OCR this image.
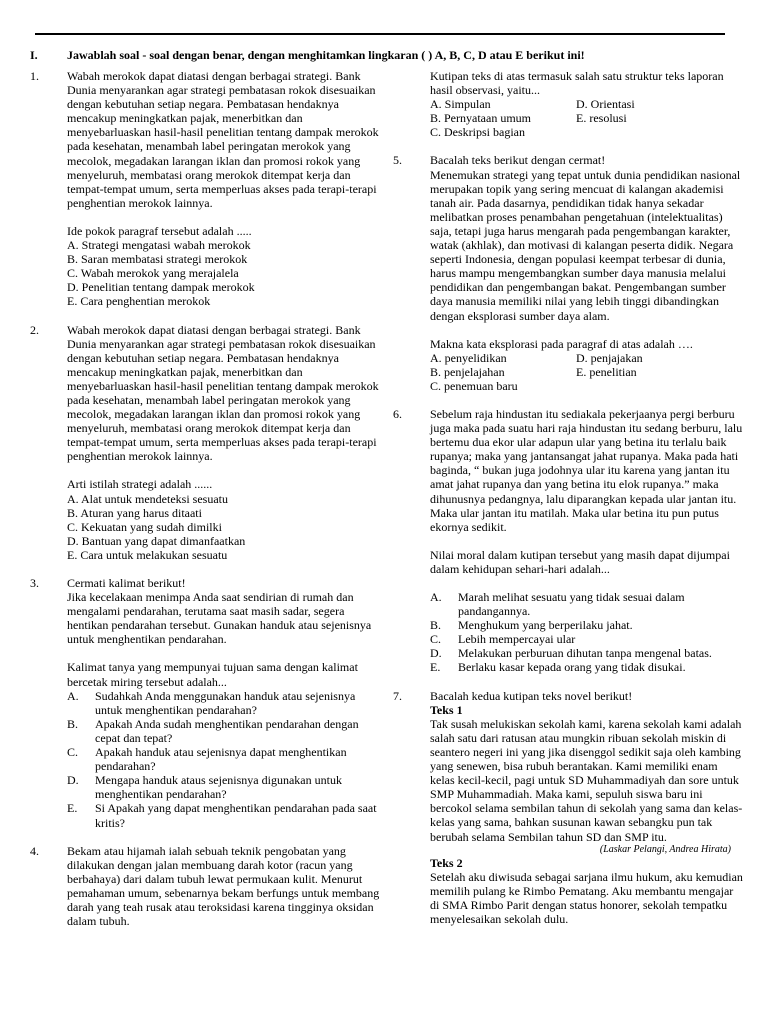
I. Jawablah soal - soal dengan benar, dengan menghitamkan lingkaran ( ) A, B, C, D atau E berikut ini!
1. Wabah merokok dapat diatasi dengan berbagai strategi. Bank Dunia menyarankan agar strategi pembatasan rokok disesuaikan dengan kebutuhan setiap negara. Pembatasan hendaknya mencakup meningkatkan pajak, menerbitkan dan menyebarluaskan hasil-hasil penelitian tentang dampak merokok pada kesehatan, menambah label peringatan merokok yang mecolok, megadakan larangan iklan dan promosi rokok yang menyeluruh, membatasi orang merokok ditempat kerja dan tempat-tempat umum, serta memperluas akses pada terapi-terapi penghentian merokok lainnya.

Ide pokok paragraf tersebut adalah .....

A. Strategi mengatasi wabah merokok

B. Saran membatasi strategi merokok

C. Wabah merokok yang merajalela

D. Penelitian tentang dampak merokok

E. Cara penghentian merokok

2. Wabah merokok dapat diatasi dengan berbagai strategi. Bank Dunia menyarankan agar strategi pembatasan rokok disesuaikan dengan kebutuhan setiap negara. Pembatasan hendaknya mencakup meningkatkan pajak, menerbitkan dan menyebarluaskan hasil-hasil penelitian tentang dampak merokok pada kesehatan, menambah label peringatan merokok yang mecolok, megadakan larangan iklan dan promosi rokok yang menyeluruh, membatasi orang merokok ditempat kerja dan tempat-tempat umum, serta memperluas akses pada terapi-terapi penghentian merokok lainnya.

Arti istilah strategi adalah ......

A. Alat untuk mendeteksi sesuatu

B. Aturan yang harus ditaati

C. Kekuatan yang sudah dimilki

D. Bantuan yang dapat dimanfaatkan

E. Cara untuk melakukan sesuatu

3. Cermati kalimat berikut!

Jika kecelakaan menimpa Anda saat sendirian di rumah dan mengalami pendarahan, terutama saat masih sadar, segera hentikan pendarahan tersebut. Gunakan handuk atau sejenisnya untuk menghentikan pendarahan.

Kalimat tanya yang mempunyai tujuan sama dengan kalimat bercetak miring tersebut adalah...

A. Sudahkah Anda menggunakan handuk atau sejenisnya untuk menghentikan pendarahan?
B. Apakah Anda sudah menghentikan pendarahan dengan cepat dan tepat?
C. Apakah handuk atau sejenisnya dapat menghentikan pendarahan?
D. Mengapa handuk ataus sejenisnya digunakan untuk menghentikan pendarahan?
E. Si Apakah yang dapat menghentikan pendarahan pada saat kritis?
4. Bekam atau hijamah ialah sebuah teknik pengobatan yang dilakukan dengan jalan membuang darah kotor (racun yang berbahaya) dari dalam tubuh lewat permukaan kulit. Menurut pemahaman umum, sebenarnya bekam berfungs untuk membang darah yang teah rusak atau teroksidasi karena tingginya oksidan dalam tubuh.

Kutipan teks di atas termasuk salah satu struktur teks laporan hasil observasi, yaitu...

A. Simpulan	D. Orientasi
B. Pernyataan umum	E. resolusi
C. Deskripsi bagian
5. Bacalah teks berikut dengan cermat!

Menemukan strategi yang tepat untuk dunia pendidikan nasional merupakan topik yang sering mencuat di kalangan akademisi tanah air. Pada dasarnya, pendidikan tidak hanya sekadar melibatkan proses penambahan pengetahuan (intelektualitas) saja, tetapi juga harus mengarah pada pengembangan karakter, watak (akhlak), dan motivasi di kalangan peserta didik. Negara seperti Indonesia, dengan populasi keempat terbesar di dunia, harus mampu mengembangkan sumber daya manusia melalui pendidikan dan pengembangan bakat. Pengembangan sumber daya manusia memiliki nilai yang lebih tinggi dibandingkan dengan eksplorasi sumber daya alam.

Makna kata eksplorasi pada paragraf di atas adalah ….

A. penyelidikan	D. penjajakan
B. penjelajahan	E. penelitian
C. penemuan baru
6. Sebelum raja hindustan itu sediakala pekerjaanya pergi berburu juga maka pada suatu hari raja hindustan itu sedang berburu, lalu bertemu dua ekor ular adapun ular yang betina itu terlalu baik rupanya; maka yang jantansangat jahat rupanya. Maka pada hati baginda, “ bukan juga jodohnya ular itu karena yang jantan itu amat jahat rupanya dan yang betina itu elok rupanya.” maka dihunusnya pedangnya, lalu diparangkan kepada ular jantan itu. Maka ular jantan itu matilah. Maka ular betina itu pun putus ekornya sedikit.

Nilai moral dalam kutipan tersebut yang masih dapat dijumpai dalam kehidupan sehari-hari adalah...

A. Marah melihat sesuatu yang tidak sesuai dalam pandangannya.
B. Menghukum yang berperilaku jahat.
C. Lebih mempercayai ular
D. Melakukan perburuan dihutan tanpa mengenal batas.
E. Berlaku kasar kepada orang yang tidak disukai.
7. Bacalah kedua kutipan teks novel berikut!

Teks 1

Tak susah melukiskan sekolah kami, karena sekolah kami adalah salah satu dari ratusan atau mungkin ribuan sekolah miskin di seantero negeri ini yang jika disenggol sedikit saja oleh kambing yang senewen, bisa rubuh berantakan. Kami memiliki enam kelas kecil-kecil, pagi untuk SD Muhammadiyah dan sore untuk SMP Muhammadiah. Maka kami, sepuluh siswa baru ini bercokol selama sembilan tahun di sekolah yang sama dan kelas-kelas yang sama, bahkan susunan kawan sebangku pun tak berubah selama Sembilan tahun SD dan SMP itu.

(Laskar Pelangi, Andrea Hirata)

Teks 2

Setelah aku diwisuda sebagai sarjana ilmu hukum, aku kemudian memilih pulang ke Rimbo Pematang. Aku membantu mengajar di SMA Rimbo Parit dengan status honorer, sekolah tempatku menyelesaikan sekolah dulu.
